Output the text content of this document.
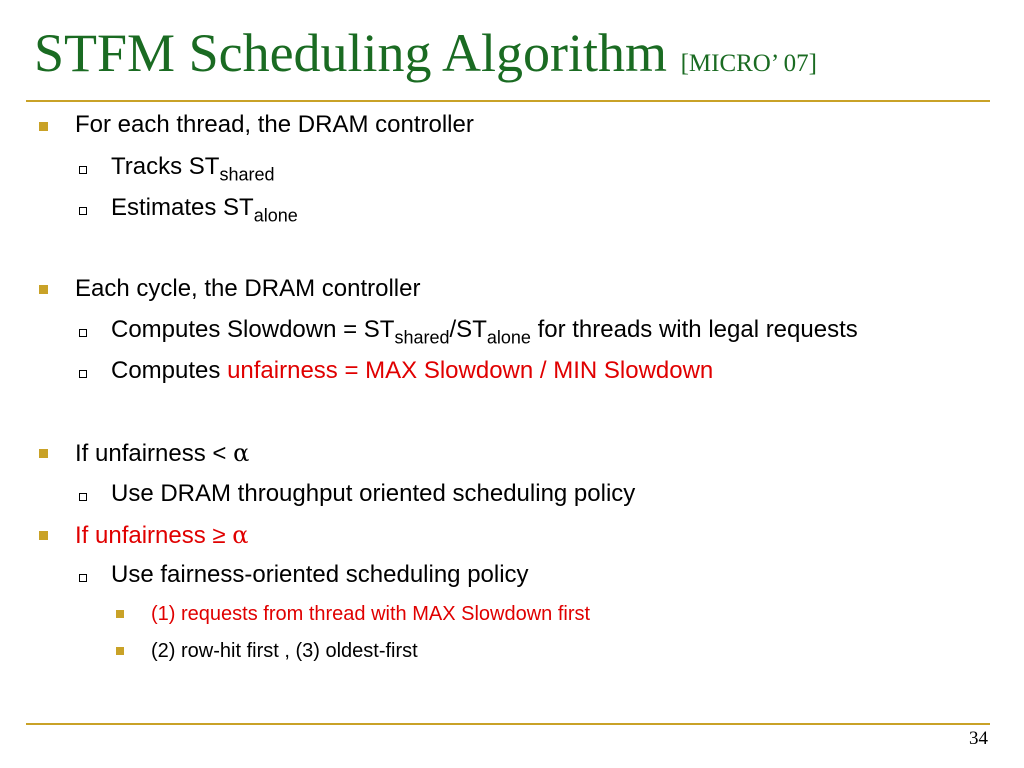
STFM Scheduling Algorithm [MICRO’ 07]
For each thread, the DRAM controller
Tracks $ST_{shared}$
Estimates $ST_{alone}$
Each cycle, the DRAM controller
Computes Slowdown = $ST_{shared}/ST_{alone}$ for threads with legal requests
Computes unfairness = MAX Slowdown / MIN Slowdown
If unfairness < α
Use DRAM throughput oriented scheduling policy
If unfairness ≥ α
Use fairness-oriented scheduling policy
(1) requests from thread with MAX Slowdown first
(2) row-hit first , (3) oldest-first
34
